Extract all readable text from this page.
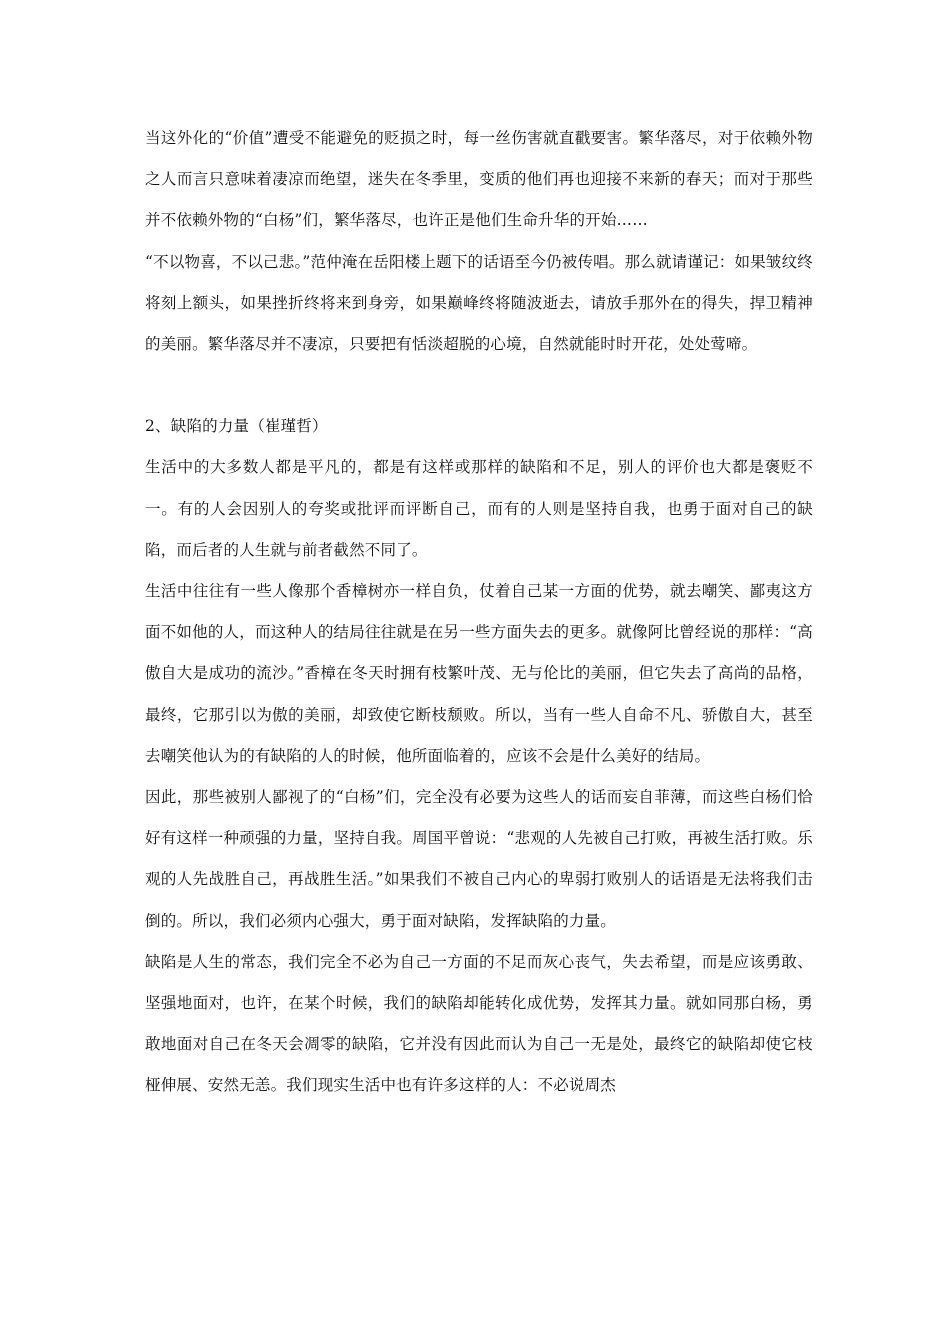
当这外化的“价值”遭受不能避免的贬损之时，每一丝伤害就直戳要害。繁华落尽，对于依赖外物之人而言只意味着凄凉而绝望，迷失在冬季里，变质的他们再也迎接不来新的春天；而对于那些并不依赖外物的“白杨”们，繁华落尽，也许正是他们生命升华的开始……

“不以物喜，不以己悲。”范仲淹在岳阳楼上题下的话语至今仍被传唱。那么就请谨记：如果皱纹终将刻上额头，如果挫折终将来到身旁，如果巅峰终将随波逝去，请放手那外在的得失，捍卫精神的美丽。繁华落尽并不凄凉，只要把有恬淡超脱的心境，自然就能时时开花，处处莺啼。

2、缺陷的力量（崔瑾哲）

生活中的大多数人都是平凡的，都是有这样或那样的缺陷和不足，别人的评价也大都是褒贬不一。有的人会因别人的夸奖或批评而评断自己，而有的人则是坚持自我，也勇于面对自己的缺陷，而后者的人生就与前者截然不同了。

生活中往往有一些人像那个香樟树亦一样自负，仗着自己某一方面的优势，就去嘲笑、鄙夷这方面不如他的人，而这种人的结局往往就是在另一些方面失去的更多。就像阿比曾经说的那样：“高傲自大是成功的流沙。”香樟在冬天时拥有枝繁叶茂、无与伦比的美丽，但它失去了高尚的品格，最终，它那引以为傲的美丽，却致使它断枝颓败。所以，当有一些人自命不凡、骄傲自大，甚至去嘲笑他认为的有缺陷的人的时候，他所面临着的，应该不会是什么美好的结局。

因此，那些被别人鄙视了的“白杨”们，完全没有必要为这些人的话而妄自菲薄，而这些白杨们恰好有这样一种顽强的力量，坚持自我。周国平曾说：“悲观的人先被自己打败，再被生活打败。乐观的人先战胜自己，再战胜生活。”如果我们不被自己内心的卑弱打败别人的话语是无法将我们击倒的。所以，我们必须内心强大，勇于面对缺陷，发挥缺陷的力量。

缺陷是人生的常态，我们完全不必为自己一方面的不足而灰心丧气，失去希望，而是应该勇敢、坚强地面对，也许，在某个时候，我们的缺陷却能转化成优势，发挥其力量。就如同那白杨，勇敢地面对自己在冬天会凋零的缺陷，它并没有因此而认为自己一无是处，最终它的缺陷却使它枝桠伸展、安然无恙。我们现实生活中也有许多这样的人：不必说周杰
